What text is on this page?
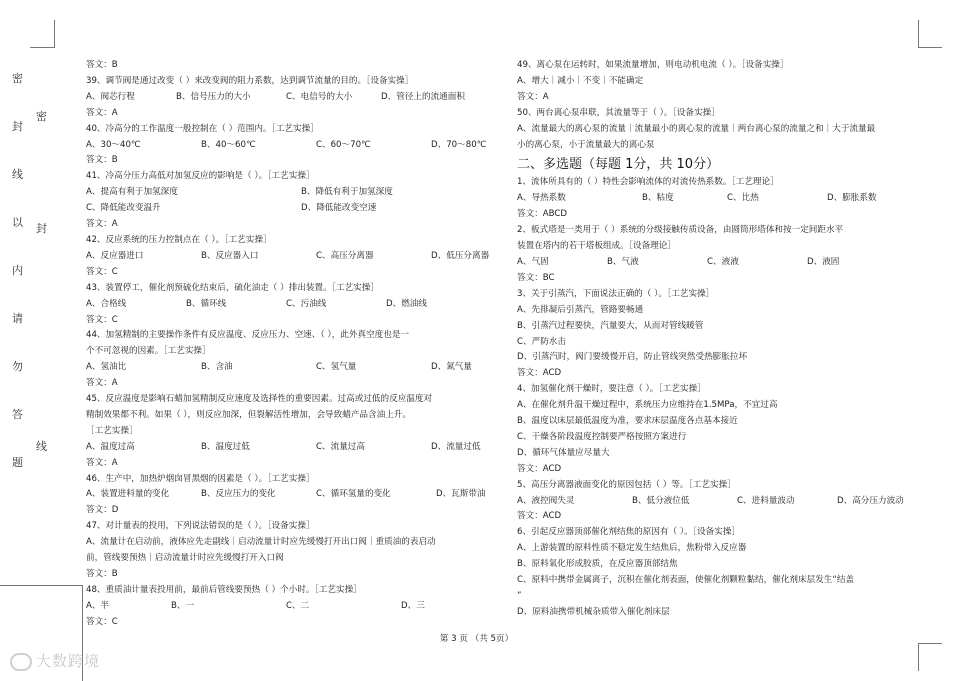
密
封
线
以
内
请
勿
答
题
密
封
线
答文：B
39、调节阀是通过改变（ ）来改变阀的阻力系数，达到调节流量的目的。［设备实操］
A、阀芯行程	B、信号压力的大小	C、电信号的大小	D、管径上的流通面积
答文：A
40、冷高分的工作温度一般控制在（ ）范围内。［工艺实操］
A、30～40℃	B、40～60℃	C、60～70℃	D、70～80℃
答文：B
41、冷高分压力高低对加氢反应的影响是（ ）。［工艺实操］
A、提高有利于加氢深度	B、降低有利于加氢深度
C、降低能改变温升	D、降低能改变空速
答文：A
42、反应系统的压力控制点在（ ）。［工艺实操］
A、反应器进口	B、反应器入口	C、高压分离器	D、低压分离器
答文：C
43、装置停工，催化剂预硫化结束后，硫化油走（ ）排出装置。［工艺实操］
A、合格线	B、循环线	C、污油线	D、燃油线
答文：C
44、加氢精制的主要操作条件有反应温度、反应压力、空速、（ ），此外真空度也是一
个不可忽视的因素。［工艺实操］
A、氢油比	B、含油	C、氢气量	D、氮气量
答文：A
45、反应温度是影响石蜡加氢精制反应速度及选择性的重要因素。过高或过低的反应温度对
精制效果都不利。如果（ ），则反应加深，但裂解活性增加，会导致蜡产品含油上升。
［工艺实操］
A、温度过高	B、温度过低	C、流量过高	D、流量过低
答文：A
46、生产中，加热炉烟囱冒黑烟的因素是（ ）。［工艺实操］
A、装置进料量的变化	B、反应压力的变化	C、循环氢量的变化	D、瓦斯带油
答文：D
47、对计量表的投用，下列说法错误的是（ ）。［设备实操］
A、流量计在启动前，液体应先走副线｜启动流量计时应先缓慢打开出口阀｜重质油的表启动
前，管线要预热｜启动流量计时应先缓慢打开入口阀
答文：B
48、重质油计量表投用前，最前后管线要预热（ ）个小时。［工艺实操］
A、半	B、一	C、二	D、三
答文：C
49、离心泵在运转时，如果流量增加，则电动机电流（ ）。［设备实操］
A、增大｜减小｜不变｜不能确定
答文：A
50、两台离心泵串联，其流量等于（ ）。［设备实操］
A、流量最大的离心泵的流量｜流量最小的离心泵的流量｜两台离心泵的流量之和｜大于流量最
小的离心泵，小于流量最大的离心泵
二、多选题（每题 1分，共 10分）
1、流体所具有的（ ）特性会影响流体的对流传热系数。［工艺理论］
A、导热系数	B、粘度	C、比热	D、膨胀系数
答文：ABCD
2、板式塔是一类用于（ ）系统的分级接触传质设备，由圆筒形塔体和按一定间距水平
装置在塔内的若干塔板组成。［设备理论］
A、气固	B、气液	C、液液	D、液固
答文：BC
3、关于引蒸汽，下面说法正确的（ ）。［工艺实操］
A、先排凝后引蒸汽，管路要畅通
B、引蒸汽过程要快，汽量要大，从而对管线暖管
C、严防水击
D、引蒸汽时，阀门要缓慢开启，防止管线突然受热膨胀拉坏
答文：ACD
4、加氢催化剂干燥时，要注意（ ）。［工艺实操］
A、在催化剂升温干燥过程中，系统压力应维持在1.5MPa，不宜过高
B、温度以床层最低温度为准，要求床层温度各点基本接近
C、干燥各阶段温度控制要严格按照方案进行
D、循环气体量应尽量大
答文：ACD
5、高压分离器液面变化的原因包括（ ）等。［工艺实操］
A、液控阀失灵	B、低分液位低	C、进料量波动	D、高分压力波动
答文：ACD
6、引起反应器顶部催化剂结焦的原因有（ ）。［设备实操］
A、上游装置的原料性质不稳定发生结焦后，焦粉带入反应器
B、原料氧化形成胶质，在反应器顶部结焦
C、原料中携带金属离子，沉积在催化剂表面，使催化剂颗粒黏结，催化剂床层发生“结盖
”
D、原料油携带机械杂质带入催化剂床层
第 3 页 （共 5页）
大数跨境
